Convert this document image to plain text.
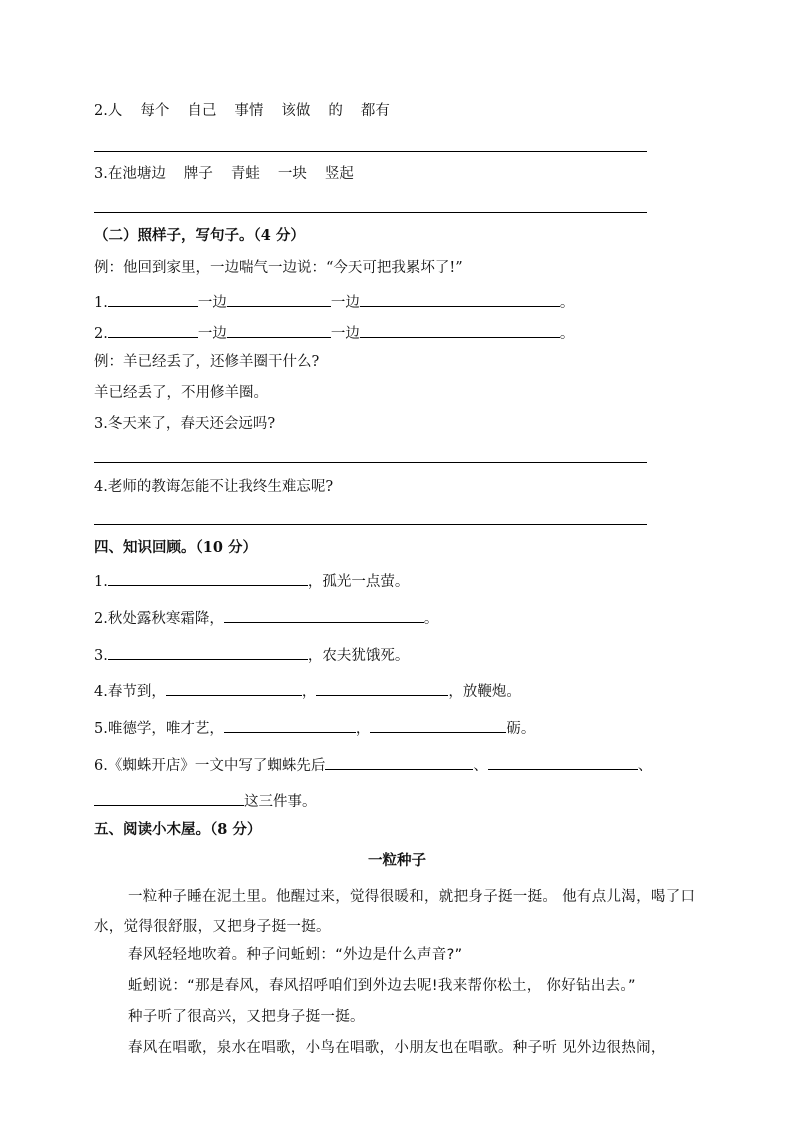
2.人 每个 自己 事情 该做 的 都有
3.在池塘边 牌子 青蛙 一块 竖起
（二）照样子，写句子。（4 分）
例：他回到家里，一边喘气一边说：“今天可把我累坏了!”
1.	一边	一边	。
2.	一边	一边	。
例：羊已经丢了，还修羊圈干什么?
羊已经丢了，不用修羊圈。
3.冬天来了，春天还会远吗?
4.老师的教诲怎能不让我终生难忘呢?
四、知识回顾。（10 分）
1.	，孤光一点萤。
2.秋处露秋寒霜降，	。
3.	，农夫犹饿死。
4.春节到，	，	，放鞭炮。
5.唯德学，唯才艺，	，	砺。
6.《蜘蛛开店》一文中写了蜘蛛先后	、	、
这三件事。
五、阅读小木屋。（8 分）
一粒种子
一粒种子睡在泥土里。他醒过来，觉得很暖和，就把身子挺一挺。 他有点儿渴，喝了口水，觉得很舒服，又把身子挺一挺。
春风轻轻地吹着。种子问蚯蚓：“外边是什么声音?”
蚯蚓说：“那是春风，春风招呼咱们到外边去呢!我来帮你松土， 你好钻出去。”
种子听了很高兴，又把身子挺一挺。
春风在唱歌，泉水在唱歌，小鸟在唱歌，小朋友也在唱歌。种子听 见外边很热闹，
